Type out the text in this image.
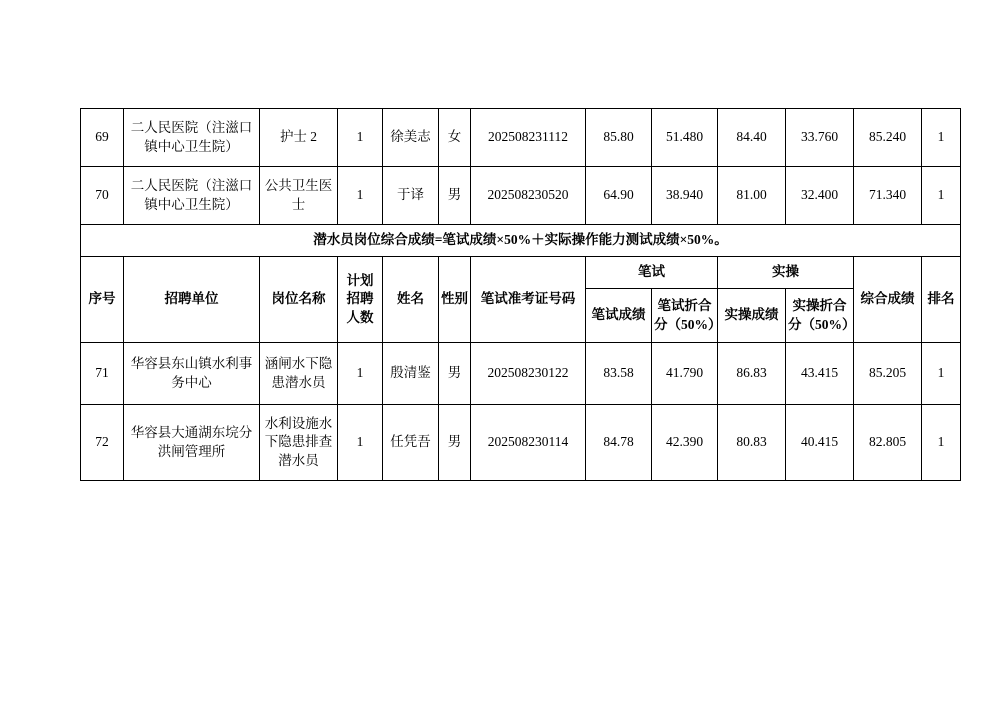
69	二人民医院（注滋口镇中心卫生院）	护士 2	1	徐美志	女	202508231112	85.80	51.480	84.40	33.760	85.240	1
70	二人民医院（注滋口镇中心卫生院）	公共卫生医士	1	于译	男	202508230520	64.90	38.940	81.00	32.400	71.340	1
潜水员岗位综合成绩=笔试成绩×50%＋实际操作能力测试成绩×50%。												
序号	招聘单位	岗位名称	计划招聘人数	姓名	性别	笔试准考证号码	笔试		实操		综合成绩	排名
							笔试成绩	笔试折合分（50%）	实操成绩	实操折合分（50%）		
71	华容县东山镇水利事务中心	涵闸水下隐患潜水员	1	殷清鉴	男	202508230122	83.58	41.790	86.83	43.415	85.205	1
72	华容县大通湖东垸分洪闸管理所	水利设施水下隐患排查潜水员	1	任凭吾	男	202508230114	84.78	42.390	80.83	40.415	82.805	1
